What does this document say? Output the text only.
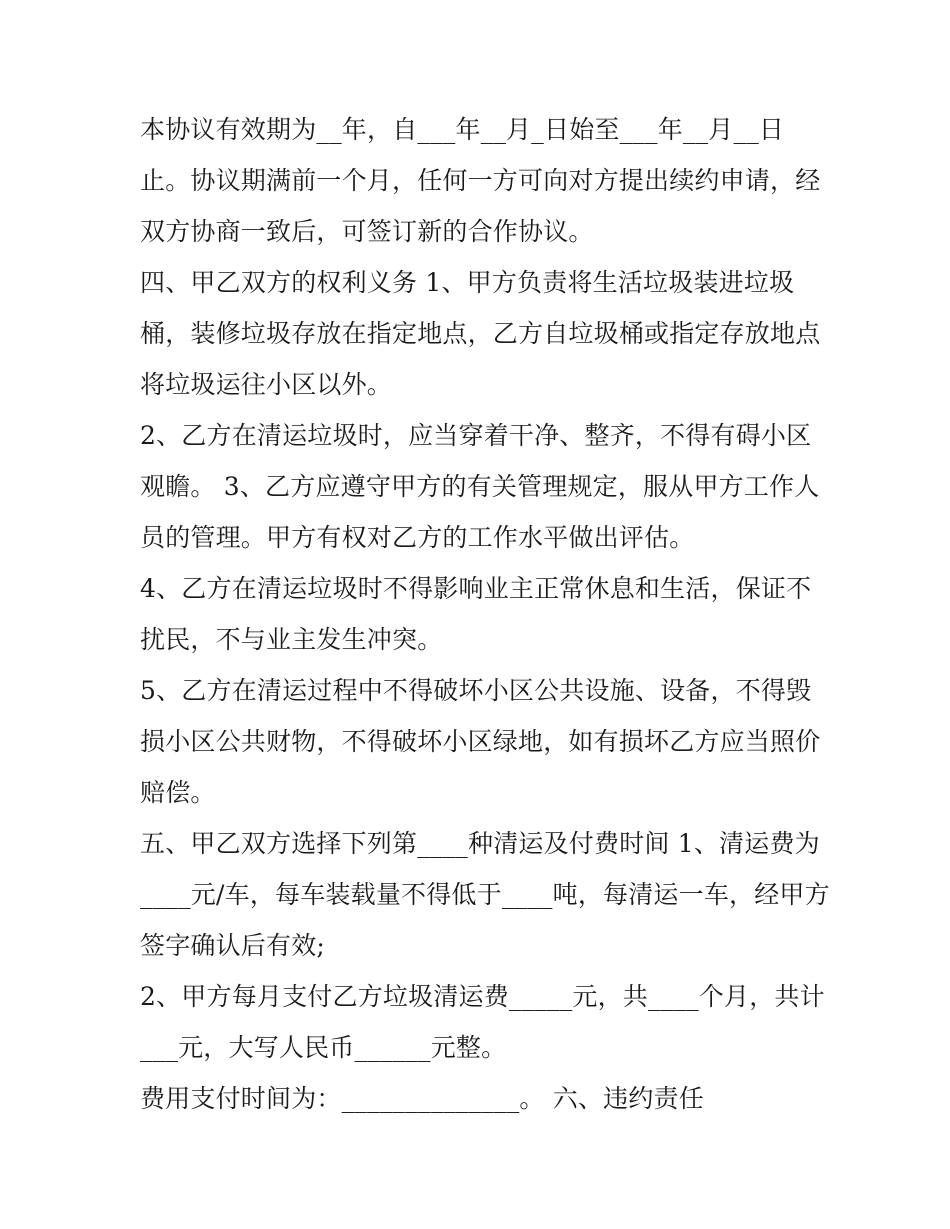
本协议有效期为__年，自___年__月_日始至___年__月__日止。协议期满前一个月，任何一方可向对方提出续约申请，经双方协商一致后，可签订新的合作协议。

四、甲乙双方的权利义务 1、甲方负责将生活垃圾装进垃圾桶，装修垃圾存放在指定地点，乙方自垃圾桶或指定存放地点将垃圾运往小区以外。

2、乙方在清运垃圾时，应当穿着干净、整齐，不得有碍小区观瞻。 3、乙方应遵守甲方的有关管理规定，服从甲方工作人员的管理。甲方有权对乙方的工作水平做出评估。

4、乙方在清运垃圾时不得影响业主正常休息和生活，保证不扰民，不与业主发生冲突。

5、乙方在清运过程中不得破坏小区公共设施、设备，不得毁损小区公共财物，不得破坏小区绿地，如有损坏乙方应当照价赔偿。

五、甲乙双方选择下列第____种清运及付费时间 1、清运费为____元/车，每车装载量不得低于____吨，每清运一车，经甲方签字确认后有效;

2、甲方每月支付乙方垃圾清运费_____元，共____个月，共计___元，大写人民币______元整。

费用支付时间为：______________。 六、违约责任
